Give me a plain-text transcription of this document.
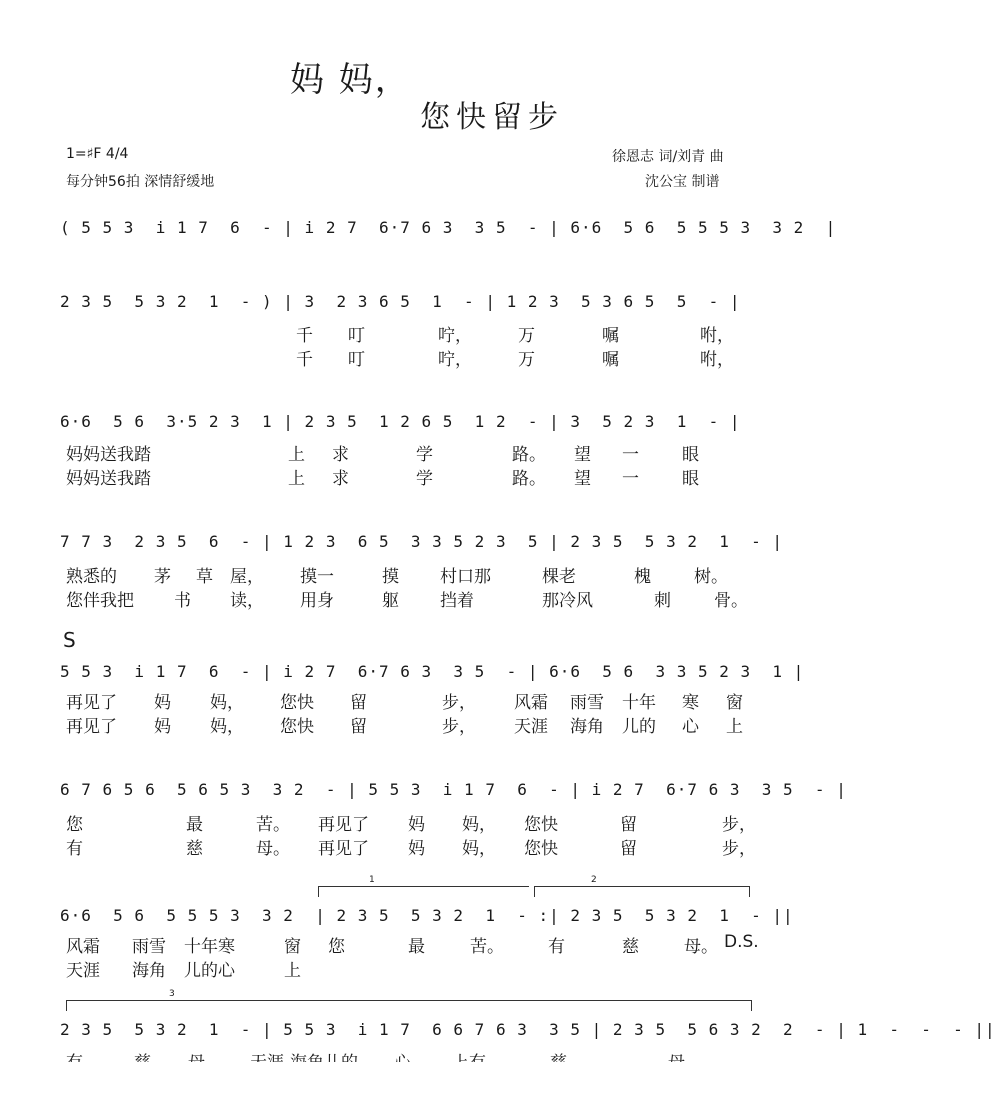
妈 妈，
您快留步
1=♯F 4/4
每分钟56拍 深情舒缓地
徐恩志 词/刘青 曲
沈公宝 制谱
( 5 5 3  i 1 7  6  - | i 2 7  6·7 6 3  3 5  - | 6·6  5 6  5 5 5 3  3 2  |
2 3 5  5 3 2  1  - ) | 3  2 3 6 5  1  - | 1 2 3  5 3 6 5  5  - |
千 叮	咛，	万	嘱	咐，
千 叮	咛，	万	嘱	咐，
6·6  5 6  3·5 2 3  1 | 2 3 5  1 2 6 5  1 2  - | 3  5 2 3  1  - |
妈妈送我踏	上 求	学	路。 望 一	眼
妈妈送我踏	上 求	学	路。 望 一	眼
7 7 3  2 3 5  6  - | 1 2 3  6 5  3 3 5 2 3  5 | 2 3 5  5 3 2  1  - |
熟悉的 茅 草 屋， 摸一	摸 村口那	棵老	槐	树。
您伴我把 书 读， 用身	躯 挡着	那冷风	刺	骨。
S
5 5 3  i 1 7  6  - | i 2 7  6·7 6 3  3 5  - | 6·6  5 6  3 3 5 2 3  1 |
再见了 妈 妈， 您快 留	步， 风霜 雨雪 十年 寒 窗
再见了 妈 妈， 您快 留	步， 天涯 海角 儿的 心 上
6 7 6 5 6  5 6 5 3  3 2  - | 5 5 3  i 1 7  6  - | i 2 7  6·7 6 3  3 5  - |
您	最	苦。 再见了 妈 妈， 您快	留	步，
有	慈	母。 再见了 妈 妈， 您快	留	步，
1	2
6·6  5 6  5 5 5 3  3 2  | 2 3 5  5 3 2  1  - :| 2 3 5  5 3 2  1  - ||
风霜 雨雪 十年寒	窗 您	最	苦。	有	慈	母。 D.S.
天涯 海角 儿的心	上
3
2 3 5  5 3 2  1  - | 5 5 3  i 1 7  6 6 7 6 3  3 5 | 2 3 5  5 6 3 2  2  - | 1  -  -  - ||
